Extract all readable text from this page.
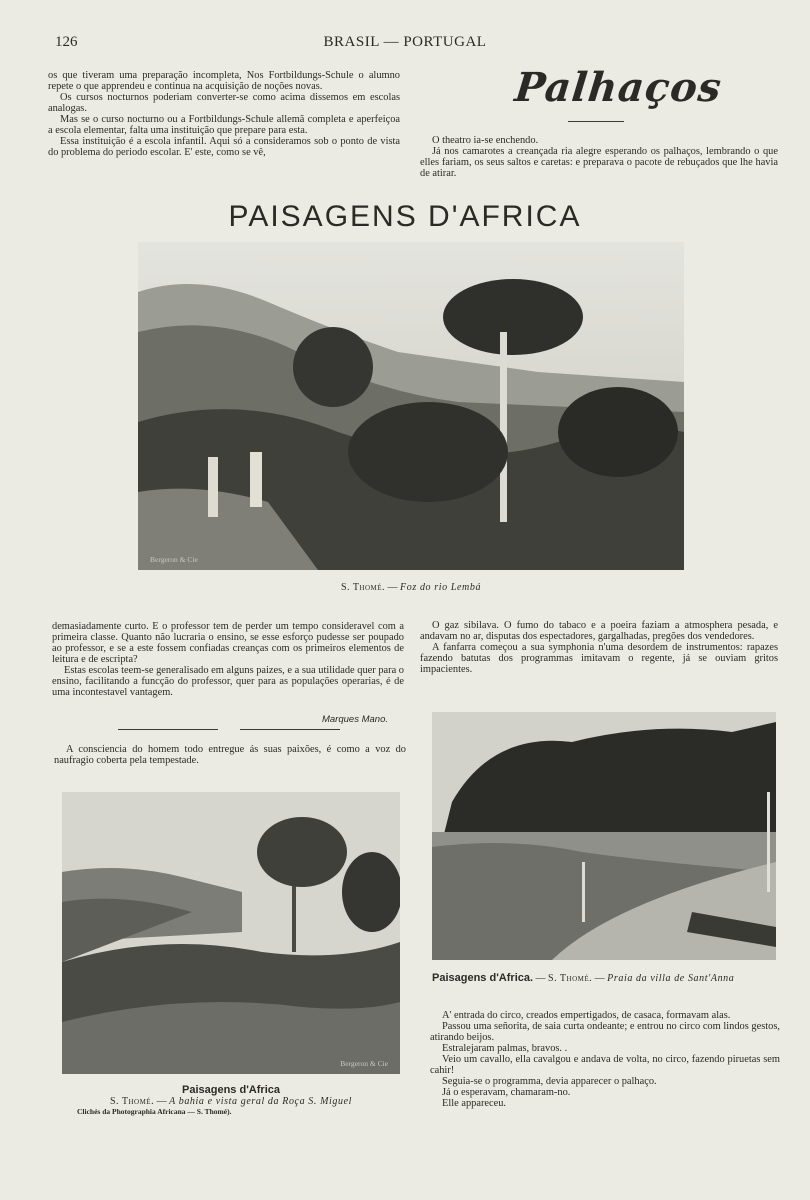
126	BRASIL — PORTUGAL

os que tiveram uma preparação incompleta, Nos Fortbildungs-Schule o alumno repete o que apprendeu e continua na acquisição de noções novas.

Os cursos nocturnos poderiam converter-se como acima dissemos em escolas analogas.

Mas se o curso nocturno ou a Fortbildungs-Schule allemã completa e aperfeiçoa a escola elementar, falta uma instituição que prepare para esta.

Essa instituição é a escola infantil. Aqui só a consideramos sob o ponto de vista do problema do periodo escolar. E' este, como se vê,

Palhaços

O theatro ia-se enchendo.

Já nos camarotes a creançada ria alegre esperando os palhaços, lembrando o que elles fariam, os seus saltos e caretas: e preparava o pacote de rebuçados que lhe havia de atirar.

PAISAGENS D'AFRICA
Bergeron & Cie
S. Thomé. — Foz do rio Lembá

demasiadamente curto. E o professor tem de perder um tempo consideravel com a primeira classe. Quanto não lucraria o ensino, se esse esforço pudesse ser poupado ao professor, e se a este fossem confiadas creanças com os primeiros elementos de leitura e de escripta?

Estas escolas teem-se generalisado em alguns paizes, e a sua utilidade quer para o ensino, facilitando a funcção do professor, quer para as populações operarias, é de uma incontestavel vantagem.

Marques Mano.

A consciencia do homem todo entregue ás suas paixões, é como a voz do naufragio coberta pela tempestade.

O gaz sibilava. O fumo do tabaco e a poeira faziam a atmosphera pesada, e andavam no ar, disputas dos espectadores, gargalhadas, pregões dos vendedores.

A fanfarra começou a sua symphonia n'uma desordem de instrumentos: rapazes fazendo batutas dos programmas imitavam o regente, já se ouviam gritos impacientes.

Paisagens d'Africa. — S. Thomé. — Praia da villa de Sant'Anna
Bergeron & Cie
Paisagens d'Africa
S. Thomé. — A bahia e vista geral da Roça S. Miguel
Clichés da Photographia Africana — S. Thomé).

A' entrada do circo, creados empertigados, de casaca, formavam alas.

Passou uma señorita, de saia curta ondeante; e entrou no circo com lindos gestos, atirando beijos.

Estralejaram palmas, bravos. .

Veio um cavallo, ella cavalgou e andava de volta, no circo, fazendo piruetas sem cahir!

Seguia-se o programma, devia apparecer o palhaço.

Já o esperavam, chamaram-no.

Elle appareceu.
